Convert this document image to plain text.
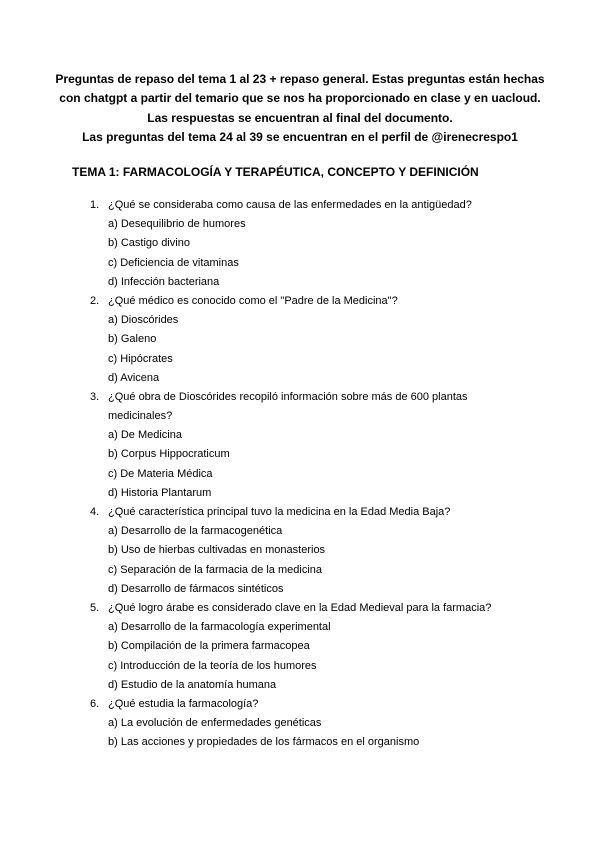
Preguntas de repaso del tema 1 al 23 + repaso general. Estas preguntas están hechas
con chatgpt a partir del temario que se nos ha proporcionado en clase y en uacloud.
Las respuestas se encuentran al final del documento.
Las preguntas del tema 24 al 39 se encuentran en el perfil de @irenecrespo1
TEMA 1: FARMACOLOGÍA Y TERAPÉUTICA, CONCEPTO Y DEFINICIÓN
1. ¿Qué se consideraba como causa de las enfermedades en la antigüedad?
a) Desequilibrio de humores
b) Castigo divino
c) Deficiencia de vitaminas
d) Infección bacteriana
2. ¿Qué médico es conocido como el "Padre de la Medicina"?
a) Dioscórides
b) Galeno
c) Hipócrates
d) Avicena
3. ¿Qué obra de Dioscórides recopiló información sobre más de 600 plantas
medicinales?
a) De Medicina
b) Corpus Hippocraticum
c) De Materia Médica
d) Historia Plantarum
4. ¿Qué característica principal tuvo la medicina en la Edad Media Baja?
a) Desarrollo de la farmacogenética
b) Uso de hierbas cultivadas en monasterios
c) Separación de la farmacia de la medicina
d) Desarrollo de fármacos sintéticos
5. ¿Qué logro árabe es considerado clave en la Edad Medieval para la farmacia?
a) Desarrollo de la farmacología experimental
b) Compilación de la primera farmacopea
c) Introducción de la teoría de los humores
d) Estudio de la anatomía humana
6. ¿Qué estudia la farmacología?
a) La evolución de enfermedades genéticas
b) Las acciones y propiedades de los fármacos en el organismo
